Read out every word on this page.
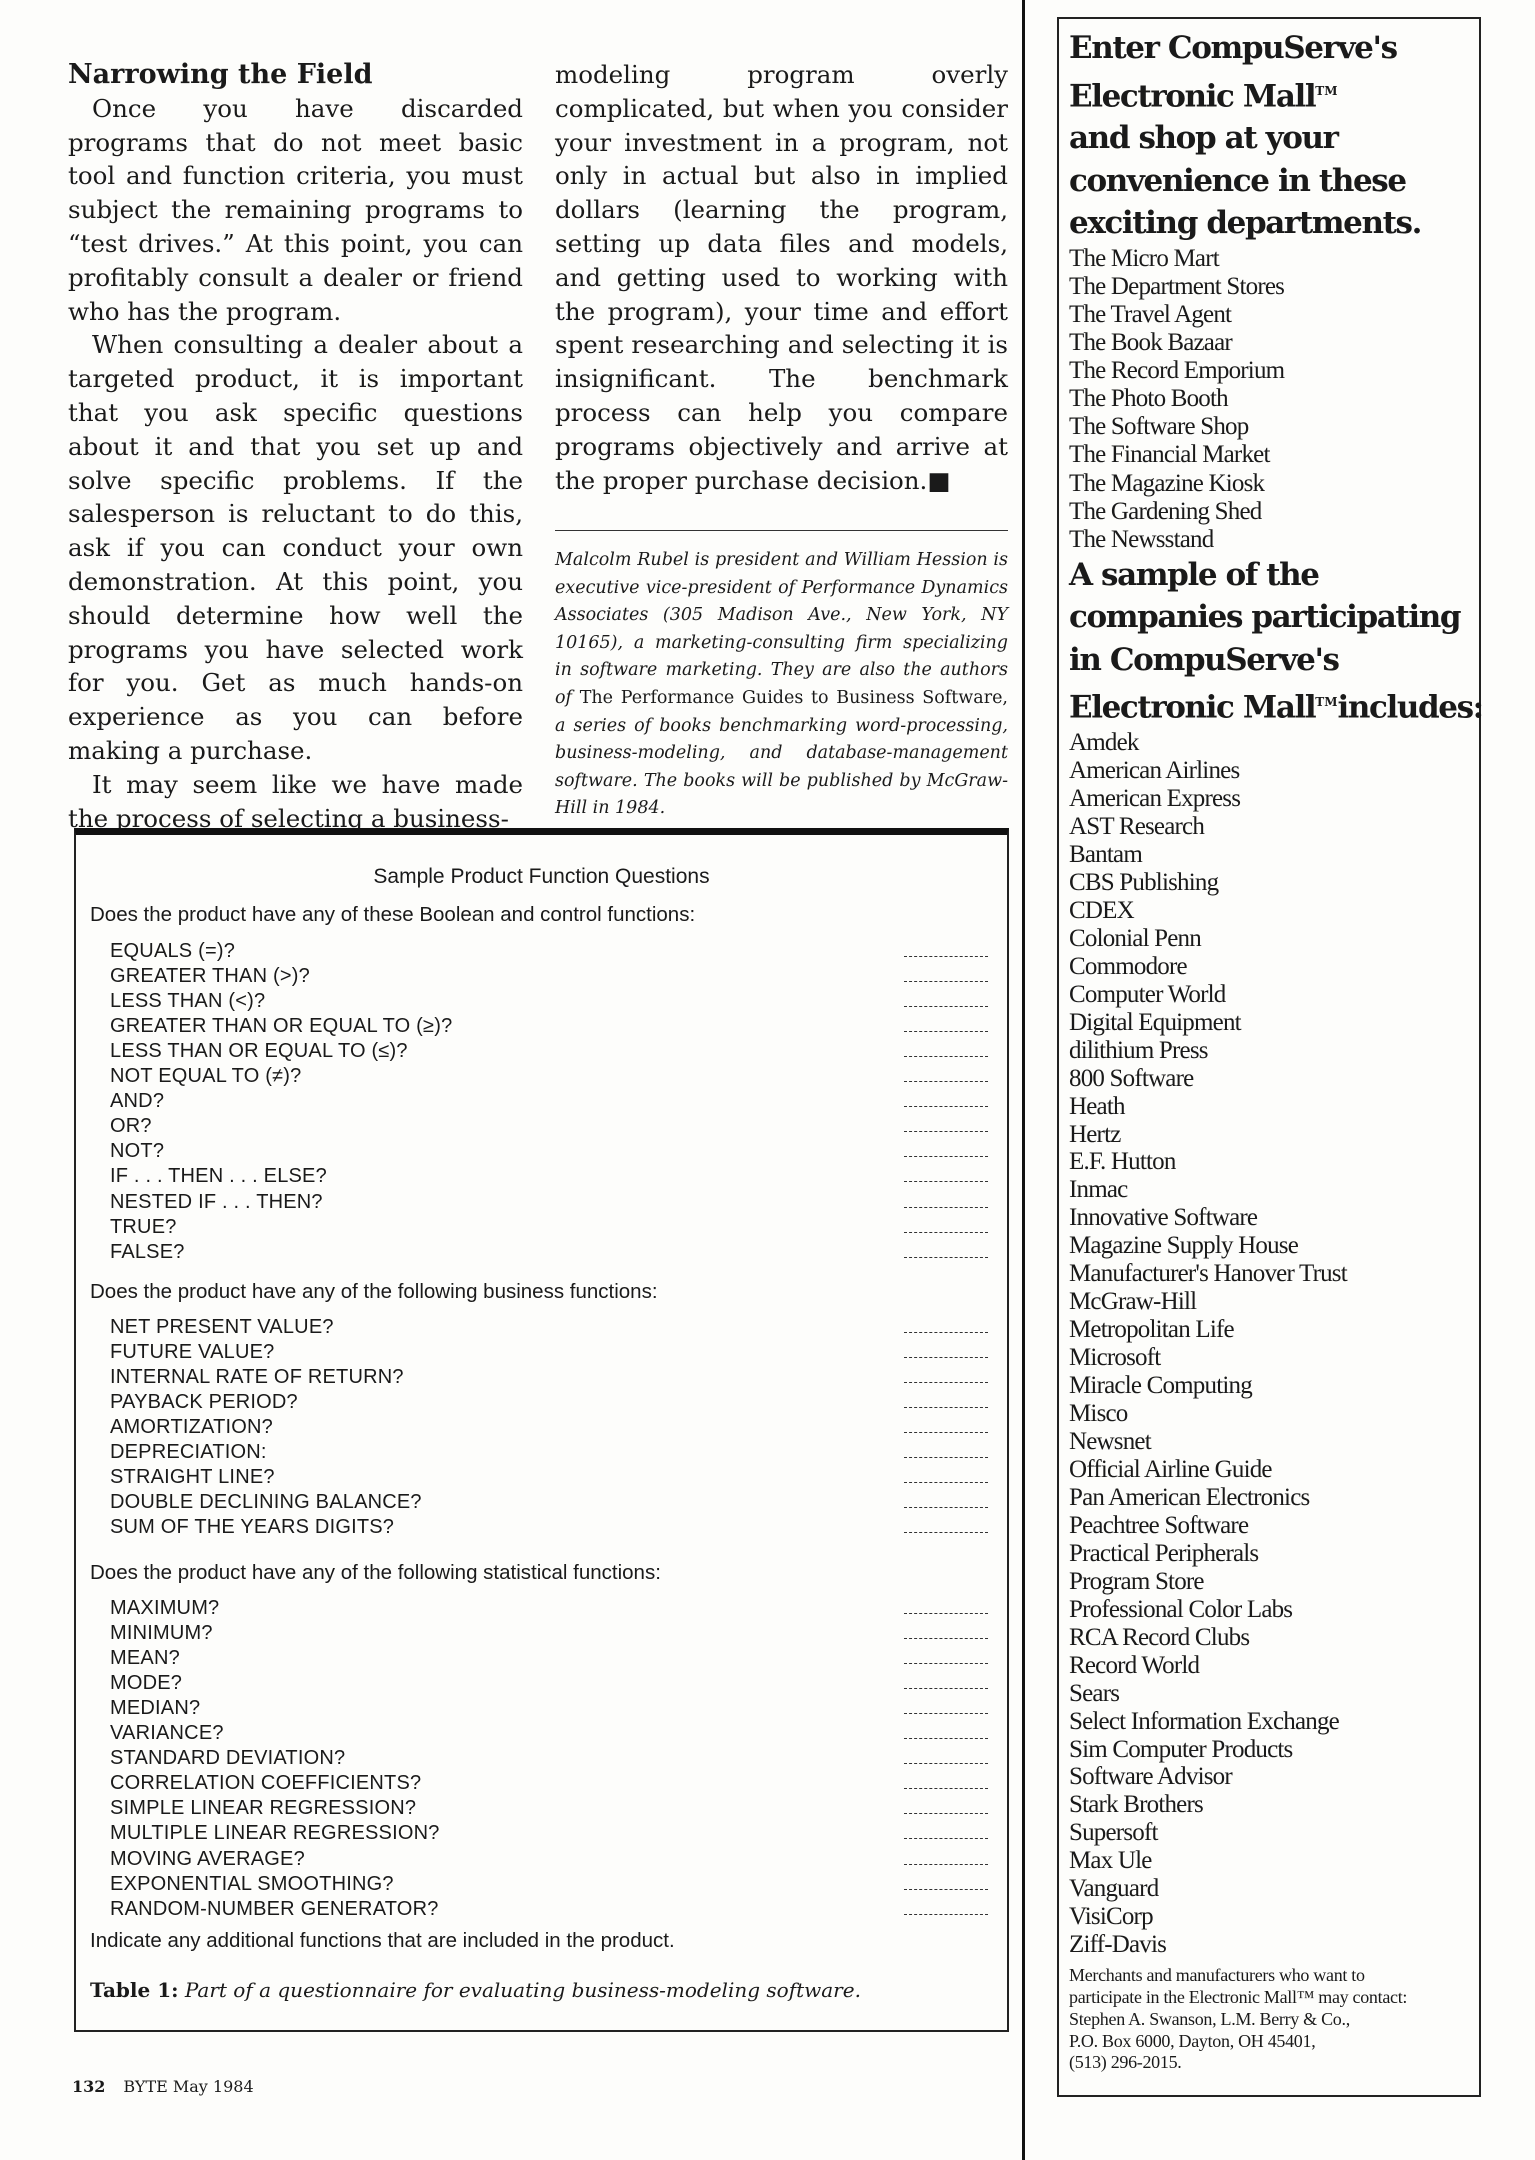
Narrowing the Field

Once you have discarded programs that do not meet basic tool and function criteria, you must subject the remaining programs to “test drives.” At this point, you can profitably consult a dealer or friend who has the program.

When consulting a dealer about a targeted product, it is important that you ask specific questions about it and that you set up and solve specific problems. If the salesperson is reluctant to do this, ask if you can conduct your own demonstration. At this point, you should determine how well the programs you have selected work for you. Get as much hands-on experience as you can before making a purchase.

It may seem like we have made the process of selecting a business-

modeling program overly complicated, but when you consider your investment in a program, not only in actual but also in implied dollars (learning the program, setting up data files and models, and getting used to working with the program), your time and effort spent researching and selecting it is insignificant. The benchmark process can help you compare programs objectively and arrive at the proper purchase decision.■

Malcolm Rubel is president and William Hession is executive vice-president of Performance Dynamics Associates (305 Madison Ave., New York, NY 10165), a marketing-consulting firm specializing in software marketing. They are also the authors of The Performance Guides to Business Software, a series of books benchmarking word-processing, business-modeling, and database-management software. The books will be published by McGraw-Hill in 1984.
Sample Product Function Questions
Does the product have any of these Boolean and control functions:
EQUALS (=)?
GREATER THAN (>)?
LESS THAN (<)?
GREATER THAN OR EQUAL TO (≥)?
LESS THAN OR EQUAL TO (≤)?
NOT EQUAL TO (≠)?
AND?
OR?
NOT?
IF . . . THEN . . . ELSE?
NESTED IF . . . THEN?
TRUE?
FALSE?
Does the product have any of the following business functions:
NET PRESENT VALUE?
FUTURE VALUE?
INTERNAL RATE OF RETURN?
PAYBACK PERIOD?
AMORTIZATION?
DEPRECIATION:
STRAIGHT LINE?
DOUBLE DECLINING BALANCE?
SUM OF THE YEARS DIGITS?
Does the product have any of the following statistical functions:
MAXIMUM?
MINIMUM?
MEAN?
MODE?
MEDIAN?
VARIANCE?
STANDARD DEVIATION?
CORRELATION COEFFICIENTS?
SIMPLE LINEAR REGRESSION?
MULTIPLE LINEAR REGRESSION?
MOVING AVERAGE?
EXPONENTIAL SMOOTHING?
RANDOM-NUMBER GENERATOR?
Indicate any additional functions that are included in the product.
Table 1: Part of a questionnaire for evaluating business-modeling software.
132 BYTE May 1984

Enter CompuServe's

Electronic Mall™

and shop at your

convenience in these

exciting departments.

The Micro Mart
The Department Stores
The Travel Agent
The Book Bazaar
The Record Emporium
The Photo Booth
The Software Shop
The Financial Market
The Magazine Kiosk
The Gardening Shed
The Newsstand

A sample of the

companies participating

in CompuServe's

Electronic Mall™includes:

Amdek
American Airlines
American Express
AST Research
Bantam
CBS Publishing
CDEX
Colonial Penn
Commodore
Computer World
Digital Equipment
dilithium Press
800 Software
Heath
Hertz
E.F. Hutton
Inmac
Innovative Software
Magazine Supply House
Manufacturer's Hanover Trust
McGraw-Hill
Metropolitan Life
Microsoft
Miracle Computing
Misco
Newsnet
Official Airline Guide
Pan American Electronics
Peachtree Software
Practical Peripherals
Program Store
Professional Color Labs
RCA Record Clubs
Record World
Sears
Select Information Exchange
Sim Computer Products
Software Advisor
Stark Brothers
Supersoft
Max Ule
Vanguard
VisiCorp
Ziff-Davis

Merchants and manufacturers who want to

participate in the Electronic Mall™ may contact:

Stephen A. Swanson, L.M. Berry & Co.,

P.O. Box 6000, Dayton, OH 45401,

(513) 296-2015.
